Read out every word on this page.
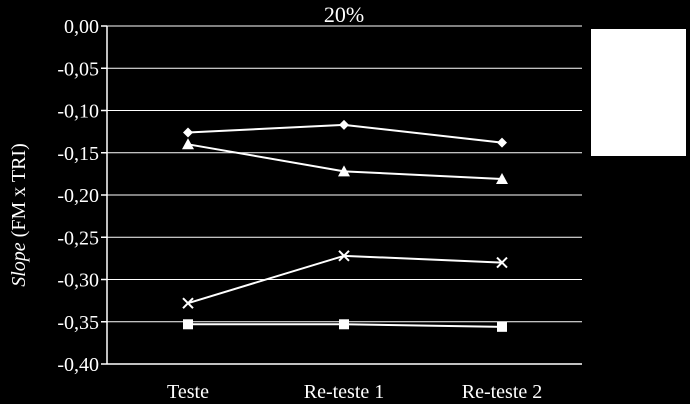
0,00
-0,05
-0,10
-0,15
-0,20
-0,25
-0,30
-0,35
-0,40
Teste	Re-teste 1	Re-teste 2
20%
Slope (FM x TRI)
